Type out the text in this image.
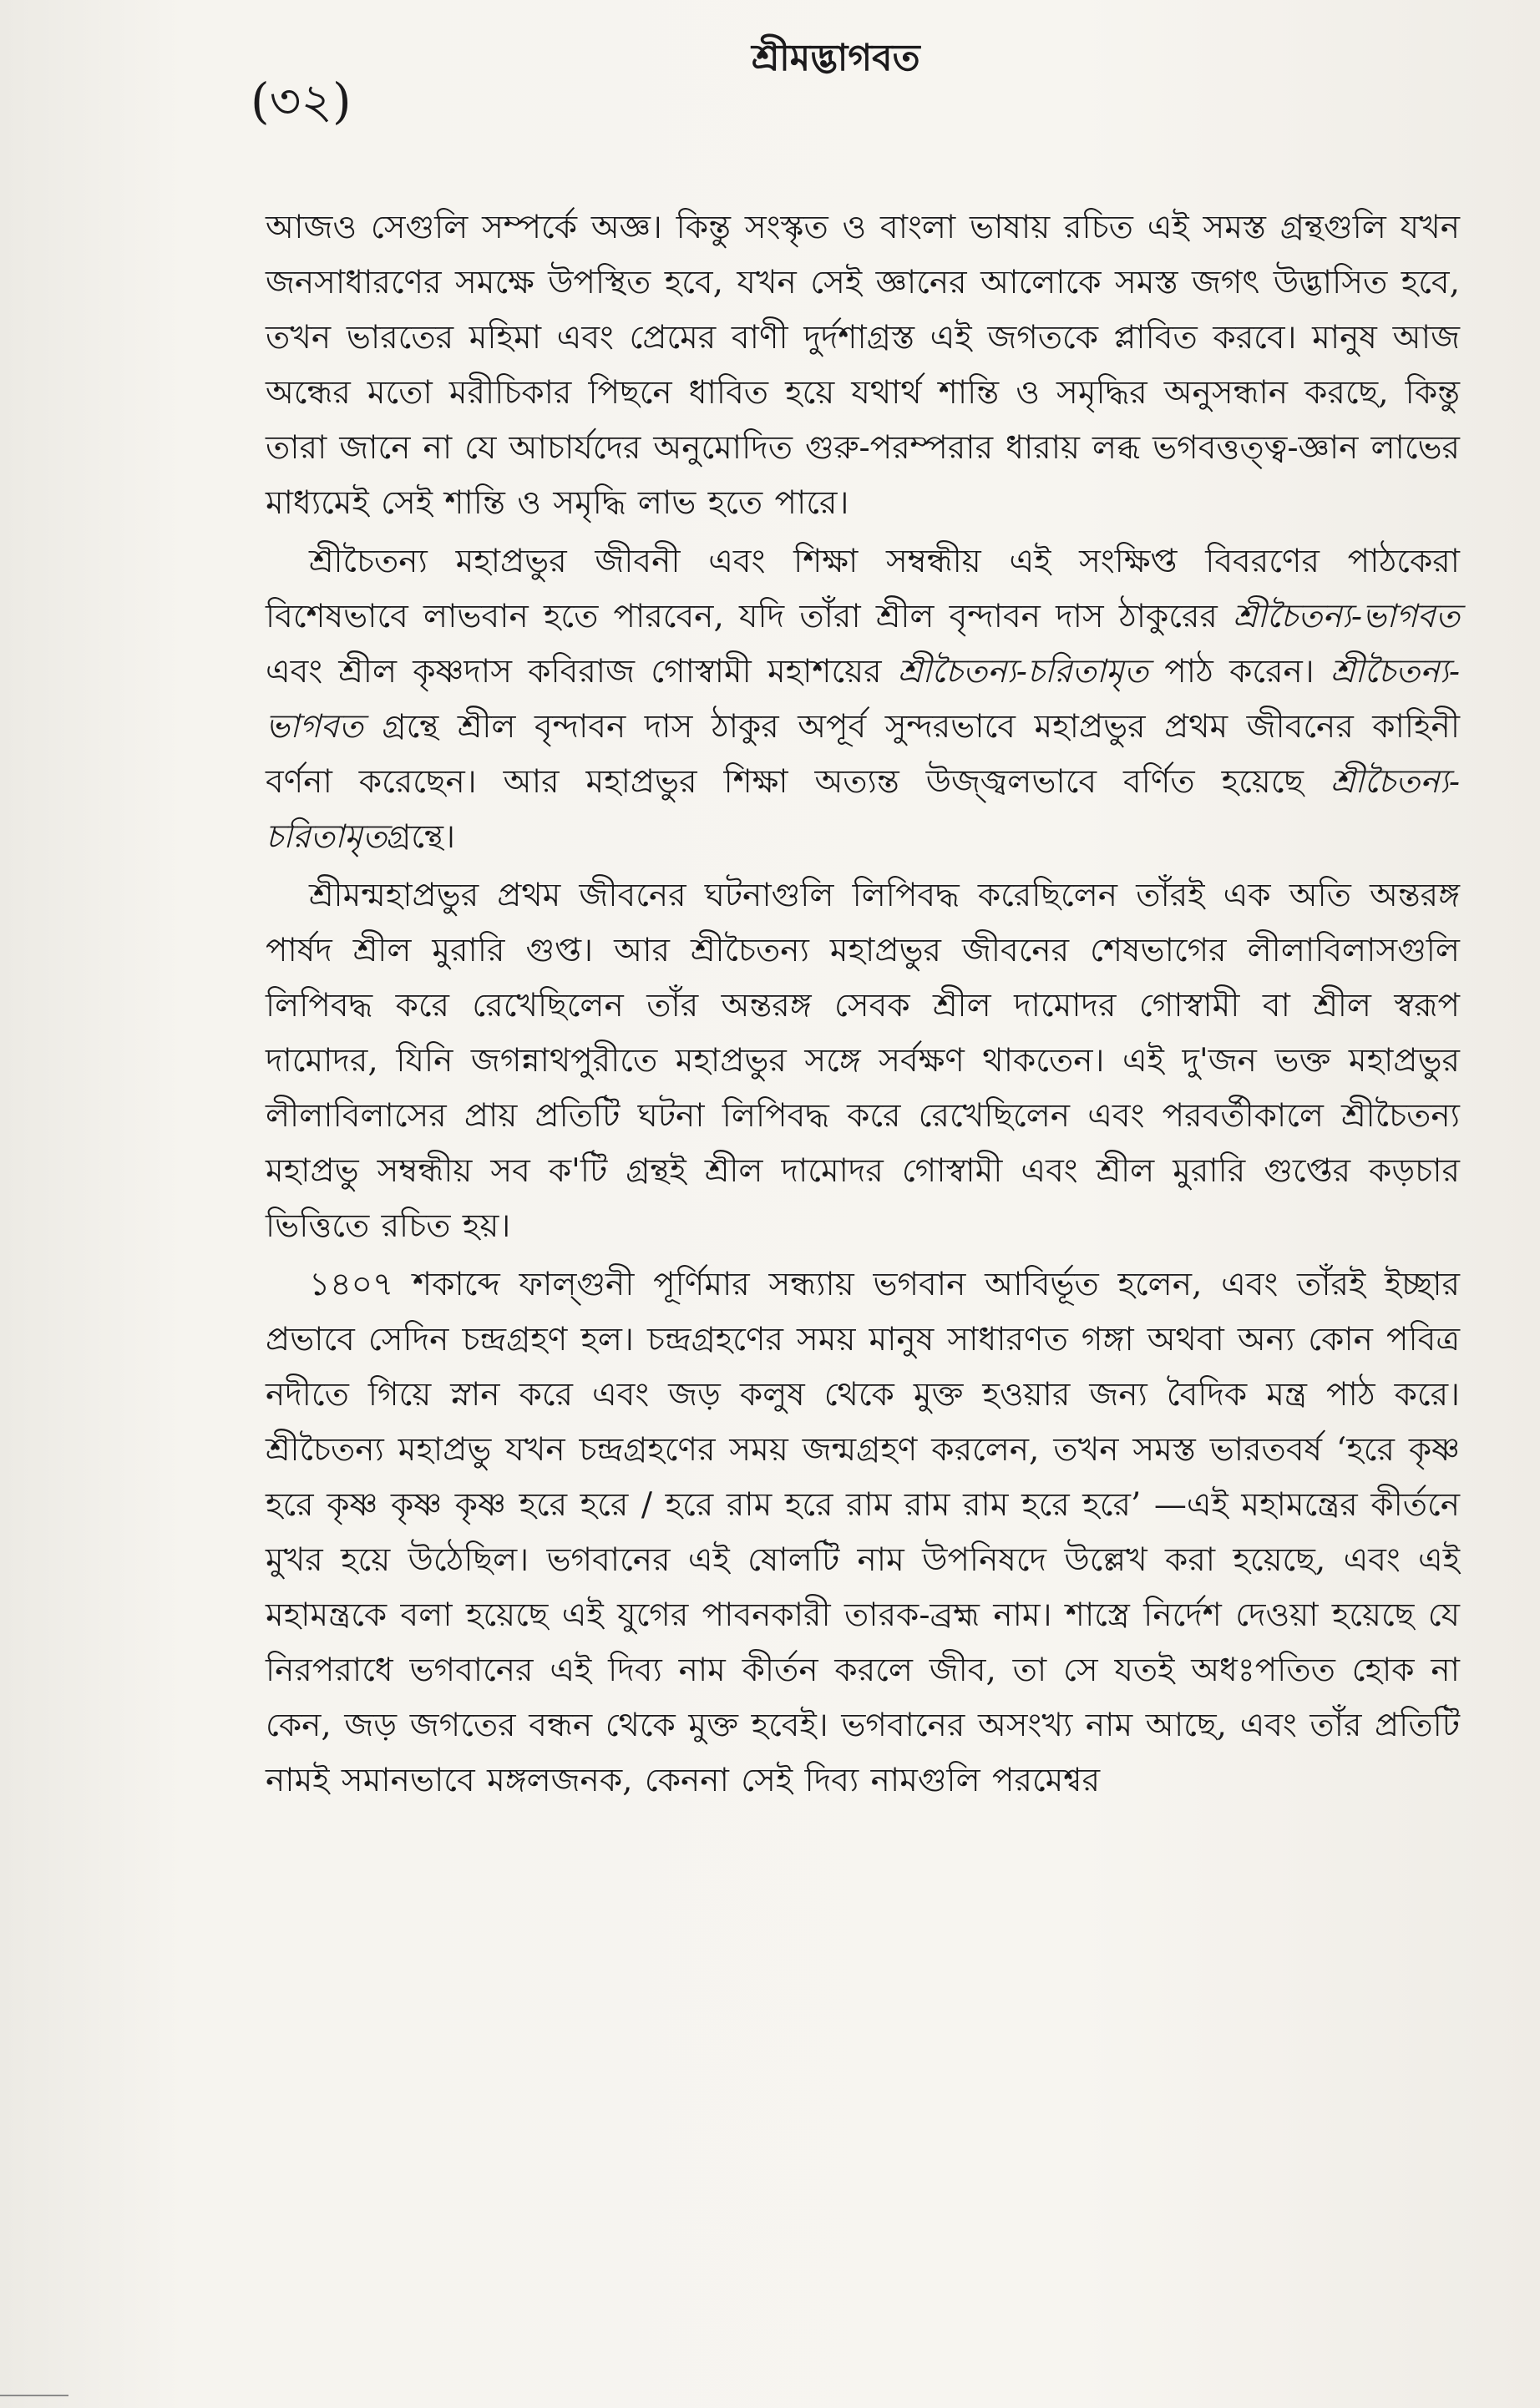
(৩২)
শ্রীমদ্ভাগবত

আজও সেগুলি সম্পর্কে অজ্ঞ। কিন্তু সংস্কৃত ও বাংলা ভাষায় রচিত এই সমস্ত গ্রন্থগুলি যখন জনসাধারণের সমক্ষে উপস্থিত হবে, যখন সেই জ্ঞানের আলোকে সমস্ত জগৎ উদ্ভাসিত হবে, তখন ভারতের মহিমা এবং প্রেমের বাণী দুর্দশাগ্রস্ত এই জগতকে প্লাবিত করবে। মানুষ আজ অন্ধের মতো মরীচিকার পিছনে ধাবিত হয়ে যথার্থ শান্তি ও সমৃদ্ধির অনুসন্ধান করছে, কিন্তু তারা জানে না যে আচার্যদের অনুমোদিত গুরু-পরম্পরার ধারায় লব্ধ ভগবত্তত্ত্ব-জ্ঞান লাভের মাধ্যমেই সেই শান্তি ও সমৃদ্ধি লাভ হতে পারে।

শ্রীচৈতন্য মহাপ্রভুর জীবনী এবং শিক্ষা সম্বন্ধীয় এই সংক্ষিপ্ত বিবরণের পাঠকেরা বিশেষভাবে লাভবান হতে পারবেন, যদি তাঁরা শ্রীল বৃন্দাবন দাস ঠাকুরের শ্রীচৈতন্য-ভাগবত এবং শ্রীল কৃষ্ণদাস কবিরাজ গোস্বামী মহাশয়ের শ্রীচৈতন্য-চরিতামৃত পাঠ করেন। শ্রীচৈতন্য-ভাগবত গ্রন্থে শ্রীল বৃন্দাবন দাস ঠাকুর অপূর্ব সুন্দরভাবে মহাপ্রভুর প্রথম জীবনের কাহিনী বর্ণনা করেছেন। আর মহাপ্রভুর শিক্ষা অত্যন্ত উজ্জ্বলভাবে বর্ণিত হয়েছে শ্রীচৈতন্য-চরিতামৃতগ্রন্থে।

শ্রীমন্মহাপ্রভুর প্রথম জীবনের ঘটনাগুলি লিপিবদ্ধ করেছিলেন তাঁরই এক অতি অন্তরঙ্গ পার্ষদ শ্রীল মুরারি গুপ্ত। আর শ্রীচৈতন্য মহাপ্রভুর জীবনের শেষভাগের লীলাবিলাসগুলি লিপিবদ্ধ করে রেখেছিলেন তাঁর অন্তরঙ্গ সেবক শ্রীল দামোদর গোস্বামী বা শ্রীল স্বরূপ দামোদর, যিনি জগন্নাথপুরীতে মহাপ্রভুর সঙ্গে সর্বক্ষণ থাকতেন। এই দু'জন ভক্ত মহাপ্রভুর লীলাবিলাসের প্রায় প্রতিটি ঘটনা লিপিবদ্ধ করে রেখেছিলেন এবং পরবর্তীকালে শ্রীচৈতন্য মহাপ্রভু সম্বন্ধীয় সব ক'টি গ্রন্থই শ্রীল দামোদর গোস্বামী এবং শ্রীল মুরারি গুপ্তের কড়চার ভিত্তিতে রচিত হয়।

১৪০৭ শকাব্দে ফাল্গুনী পূর্ণিমার সন্ধ্যায় ভগবান আবির্ভূত হলেন, এবং তাঁরই ইচ্ছার প্রভাবে সেদিন চন্দ্রগ্রহণ হল। চন্দ্রগ্রহণের সময় মানুষ সাধারণত গঙ্গা অথবা অন্য কোন পবিত্র নদীতে গিয়ে স্নান করে এবং জড় কলুষ থেকে মুক্ত হওয়ার জন্য বৈদিক মন্ত্র পাঠ করে। শ্রীচৈতন্য মহাপ্রভু যখন চন্দ্রগ্রহণের সময় জন্মগ্রহণ করলেন, তখন সমস্ত ভারতবর্ষ ‘হরে কৃষ্ণ হরে কৃষ্ণ কৃষ্ণ কৃষ্ণ হরে হরে / হরে রাম হরে রাম রাম রাম হরে হরে’ —এই মহামন্ত্রের কীর্তনে মুখর হয়ে উঠেছিল। ভগবানের এই ষোলটি নাম উপনিষদে উল্লেখ করা হয়েছে, এবং এই মহামন্ত্রকে বলা হয়েছে এই যুগের পাবনকারী তারক-ব্রহ্ম নাম। শাস্ত্রে নির্দেশ দেওয়া হয়েছে যে নিরপরাধে ভগবানের এই দিব্য নাম কীর্তন করলে জীব, তা সে যতই অধঃপতিত হোক না কেন, জড় জগতের বন্ধন থেকে মুক্ত হবেই। ভগবানের অসংখ্য নাম আছে, এবং তাঁর প্রতিটি নামই সমানভাবে মঙ্গলজনক, কেননা সেই দিব্য নামগুলি পরমেশ্বর
